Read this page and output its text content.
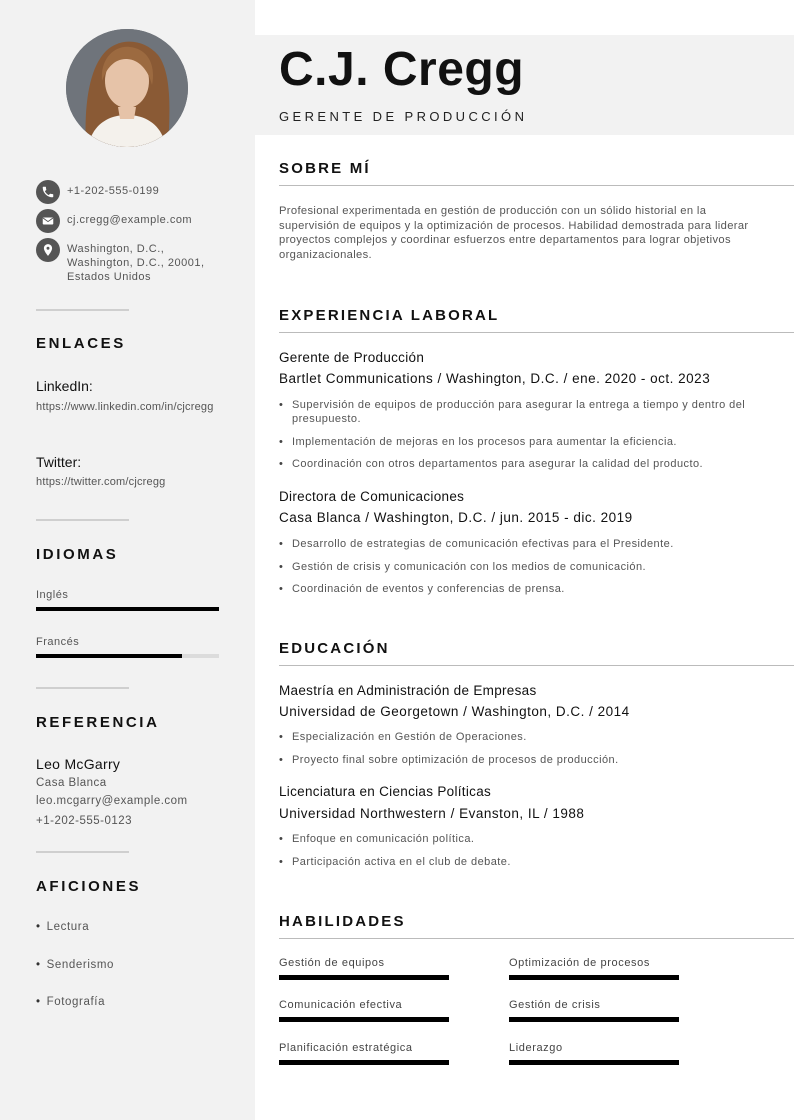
+1-202-555-0199
cj.cregg@example.com
Washington, D.C.,
Washington, D.C., 20001,
Estados Unidos
ENLACES
LinkedIn:
https://www.linkedin.com/in/cjcregg
Twitter:
https://twitter.com/cjcregg
IDIOMAS
Inglés
Francés
REFERENCIA
Leo McGarry
Casa Blanca
leo.mcgarry@example.com
+1-202-555-0123
AFICIONES
• Lectura
• Senderismo
• Fotografía
C.J. Cregg
GERENTE DE PRODUCCIÓN
SOBRE MÍ
Profesional experimentada en gestión de producción con un sólido historial en la supervisión de equipos y la optimización de procesos. Habilidad demostrada para liderar proyectos complejos y coordinar esfuerzos entre departamentos para lograr objetivos organizacionales.
EXPERIENCIA LABORAL
Gerente de Producción
Bartlet Communications / Washington, D.C. / ene. 2020 - oct. 2023
• Supervisión de equipos de producción para asegurar la entrega a tiempo y dentro del presupuesto.
• Implementación de mejoras en los procesos para aumentar la eficiencia.
• Coordinación con otros departamentos para asegurar la calidad del producto.
Directora de Comunicaciones
Casa Blanca / Washington, D.C. / jun. 2015 - dic. 2019
• Desarrollo de estrategias de comunicación efectivas para el Presidente.
• Gestión de crisis y comunicación con los medios de comunicación.
• Coordinación de eventos y conferencias de prensa.
EDUCACIÓN
Maestría en Administración de Empresas
Universidad de Georgetown / Washington, D.C. / 2014
• Especialización en Gestión de Operaciones.
• Proyecto final sobre optimización de procesos de producción.
Licenciatura en Ciencias Políticas
Universidad Northwestern / Evanston, IL / 1988
• Enfoque en comunicación política.
• Participación activa en el club de debate.
HABILIDADES
Gestión de equipos	Optimización de procesos
Comunicación efectiva	Gestión de crisis
Planificación estratégica	Liderazgo
